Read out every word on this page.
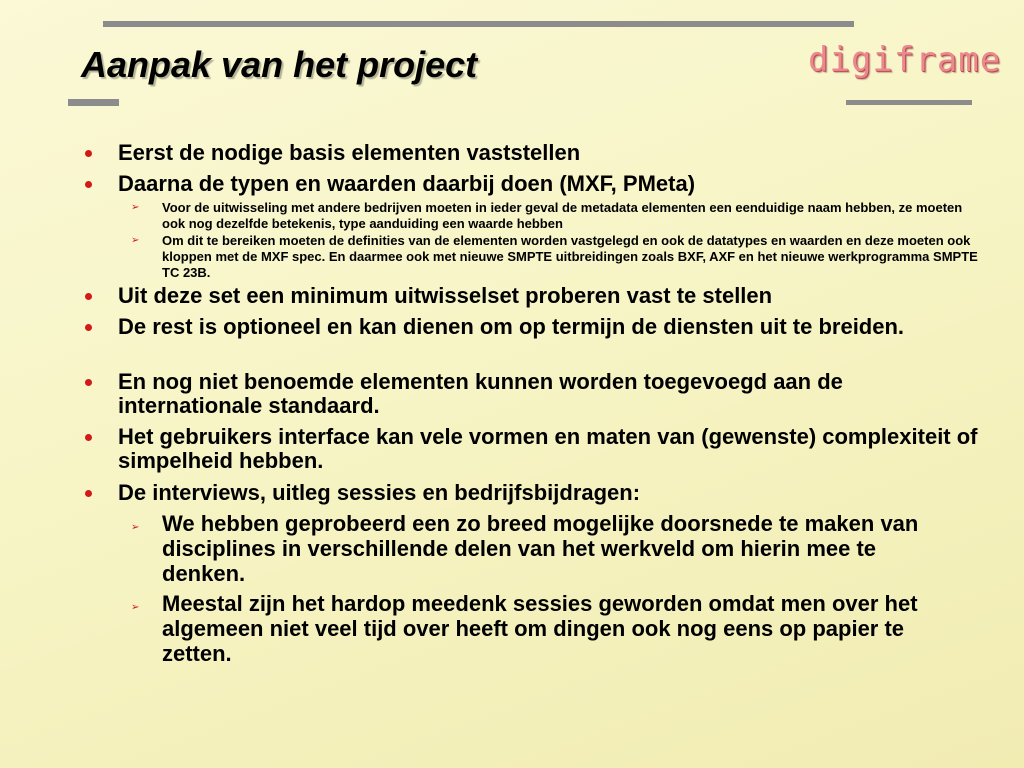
Aanpak van het project	digiframe

Eerst de nodige basis elementen vaststellen

Daarna de typen en waarden daarbij doen (MXF, PMeta)

➢ Voor de uitwisseling met andere bedrijven moeten in ieder geval de metadata elementen een eenduidige naam hebben, ze moeten ook nog dezelfde betekenis, type aanduiding een waarde hebben

➢ Om dit te bereiken moeten de definities van de elementen worden vastgelegd en ook de datatypes en waarden en deze moeten ook kloppen met de MXF spec. En daarmee ook met nieuwe SMPTE uitbreidingen zoals BXF, AXF en het nieuwe werkprogramma SMPTE TC 23B.

Uit deze set een minimum uitwisselset proberen vast te stellen

De rest is optioneel en kan dienen om op termijn de diensten uit te breiden.

En nog niet benoemde elementen kunnen worden toegevoegd aan de internationale standaard.

Het gebruikers interface kan vele vormen en maten van (gewenste) complexiteit of simpelheid hebben.

De interviews, uitleg sessies en bedrijfsbijdragen:

➢ We hebben geprobeerd een zo breed mogelijke doorsnede te maken van disciplines in verschillende delen van het werkveld om hierin mee te denken.

➢ Meestal zijn het hardop meedenk sessies geworden omdat men over het algemeen niet veel tijd over heeft om dingen ook nog eens op papier te zetten.
